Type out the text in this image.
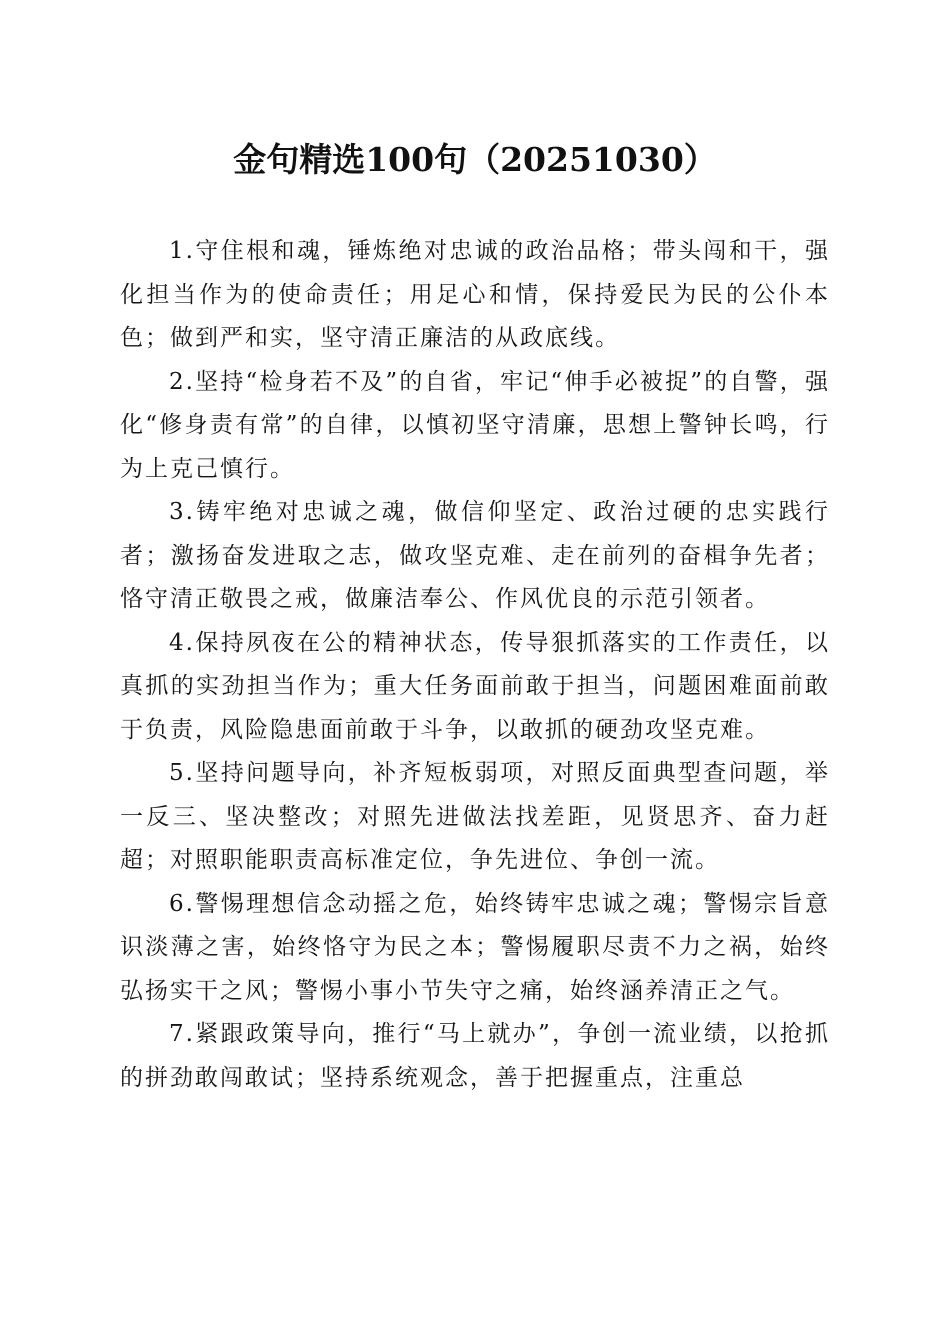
金句精选100句（20251030）

1.守住根和魂，锤炼绝对忠诚的政治品格；带头闯和干，强化担当作为的使命责任；用足心和情，保持爱民为民的公仆本色；做到严和实，坚守清正廉洁的从政底线。

2.坚持“检身若不及”的自省，牢记“伸手必被捉”的自警，强化“修身责有常”的自律，以慎初坚守清廉，思想上警钟长鸣，行为上克己慎行。

3.铸牢绝对忠诚之魂，做信仰坚定、政治过硬的忠实践行者；激扬奋发进取之志，做攻坚克难、走在前列的奋楫争先者；恪守清正敬畏之戒，做廉洁奉公、作风优良的示范引领者。

4.保持夙夜在公的精神状态，传导狠抓落实的工作责任，以真抓的实劲担当作为；重大任务面前敢于担当，问题困难面前敢于负责，风险隐患面前敢于斗争，以敢抓的硬劲攻坚克难。

5.坚持问题导向，补齐短板弱项，对照反面典型查问题，举一反三、坚决整改；对照先进做法找差距，见贤思齐、奋力赶超；对照职能职责高标准定位，争先进位、争创一流。

6.警惕理想信念动摇之危，始终铸牢忠诚之魂；警惕宗旨意识淡薄之害，始终恪守为民之本；警惕履职尽责不力之祸，始终弘扬实干之风；警惕小事小节失守之痛，始终涵养清正之气。

7.紧跟政策导向，推行“马上就办”，争创一流业绩，以抢抓的拼劲敢闯敢试；坚持系统观念，善于把握重点，注重总
